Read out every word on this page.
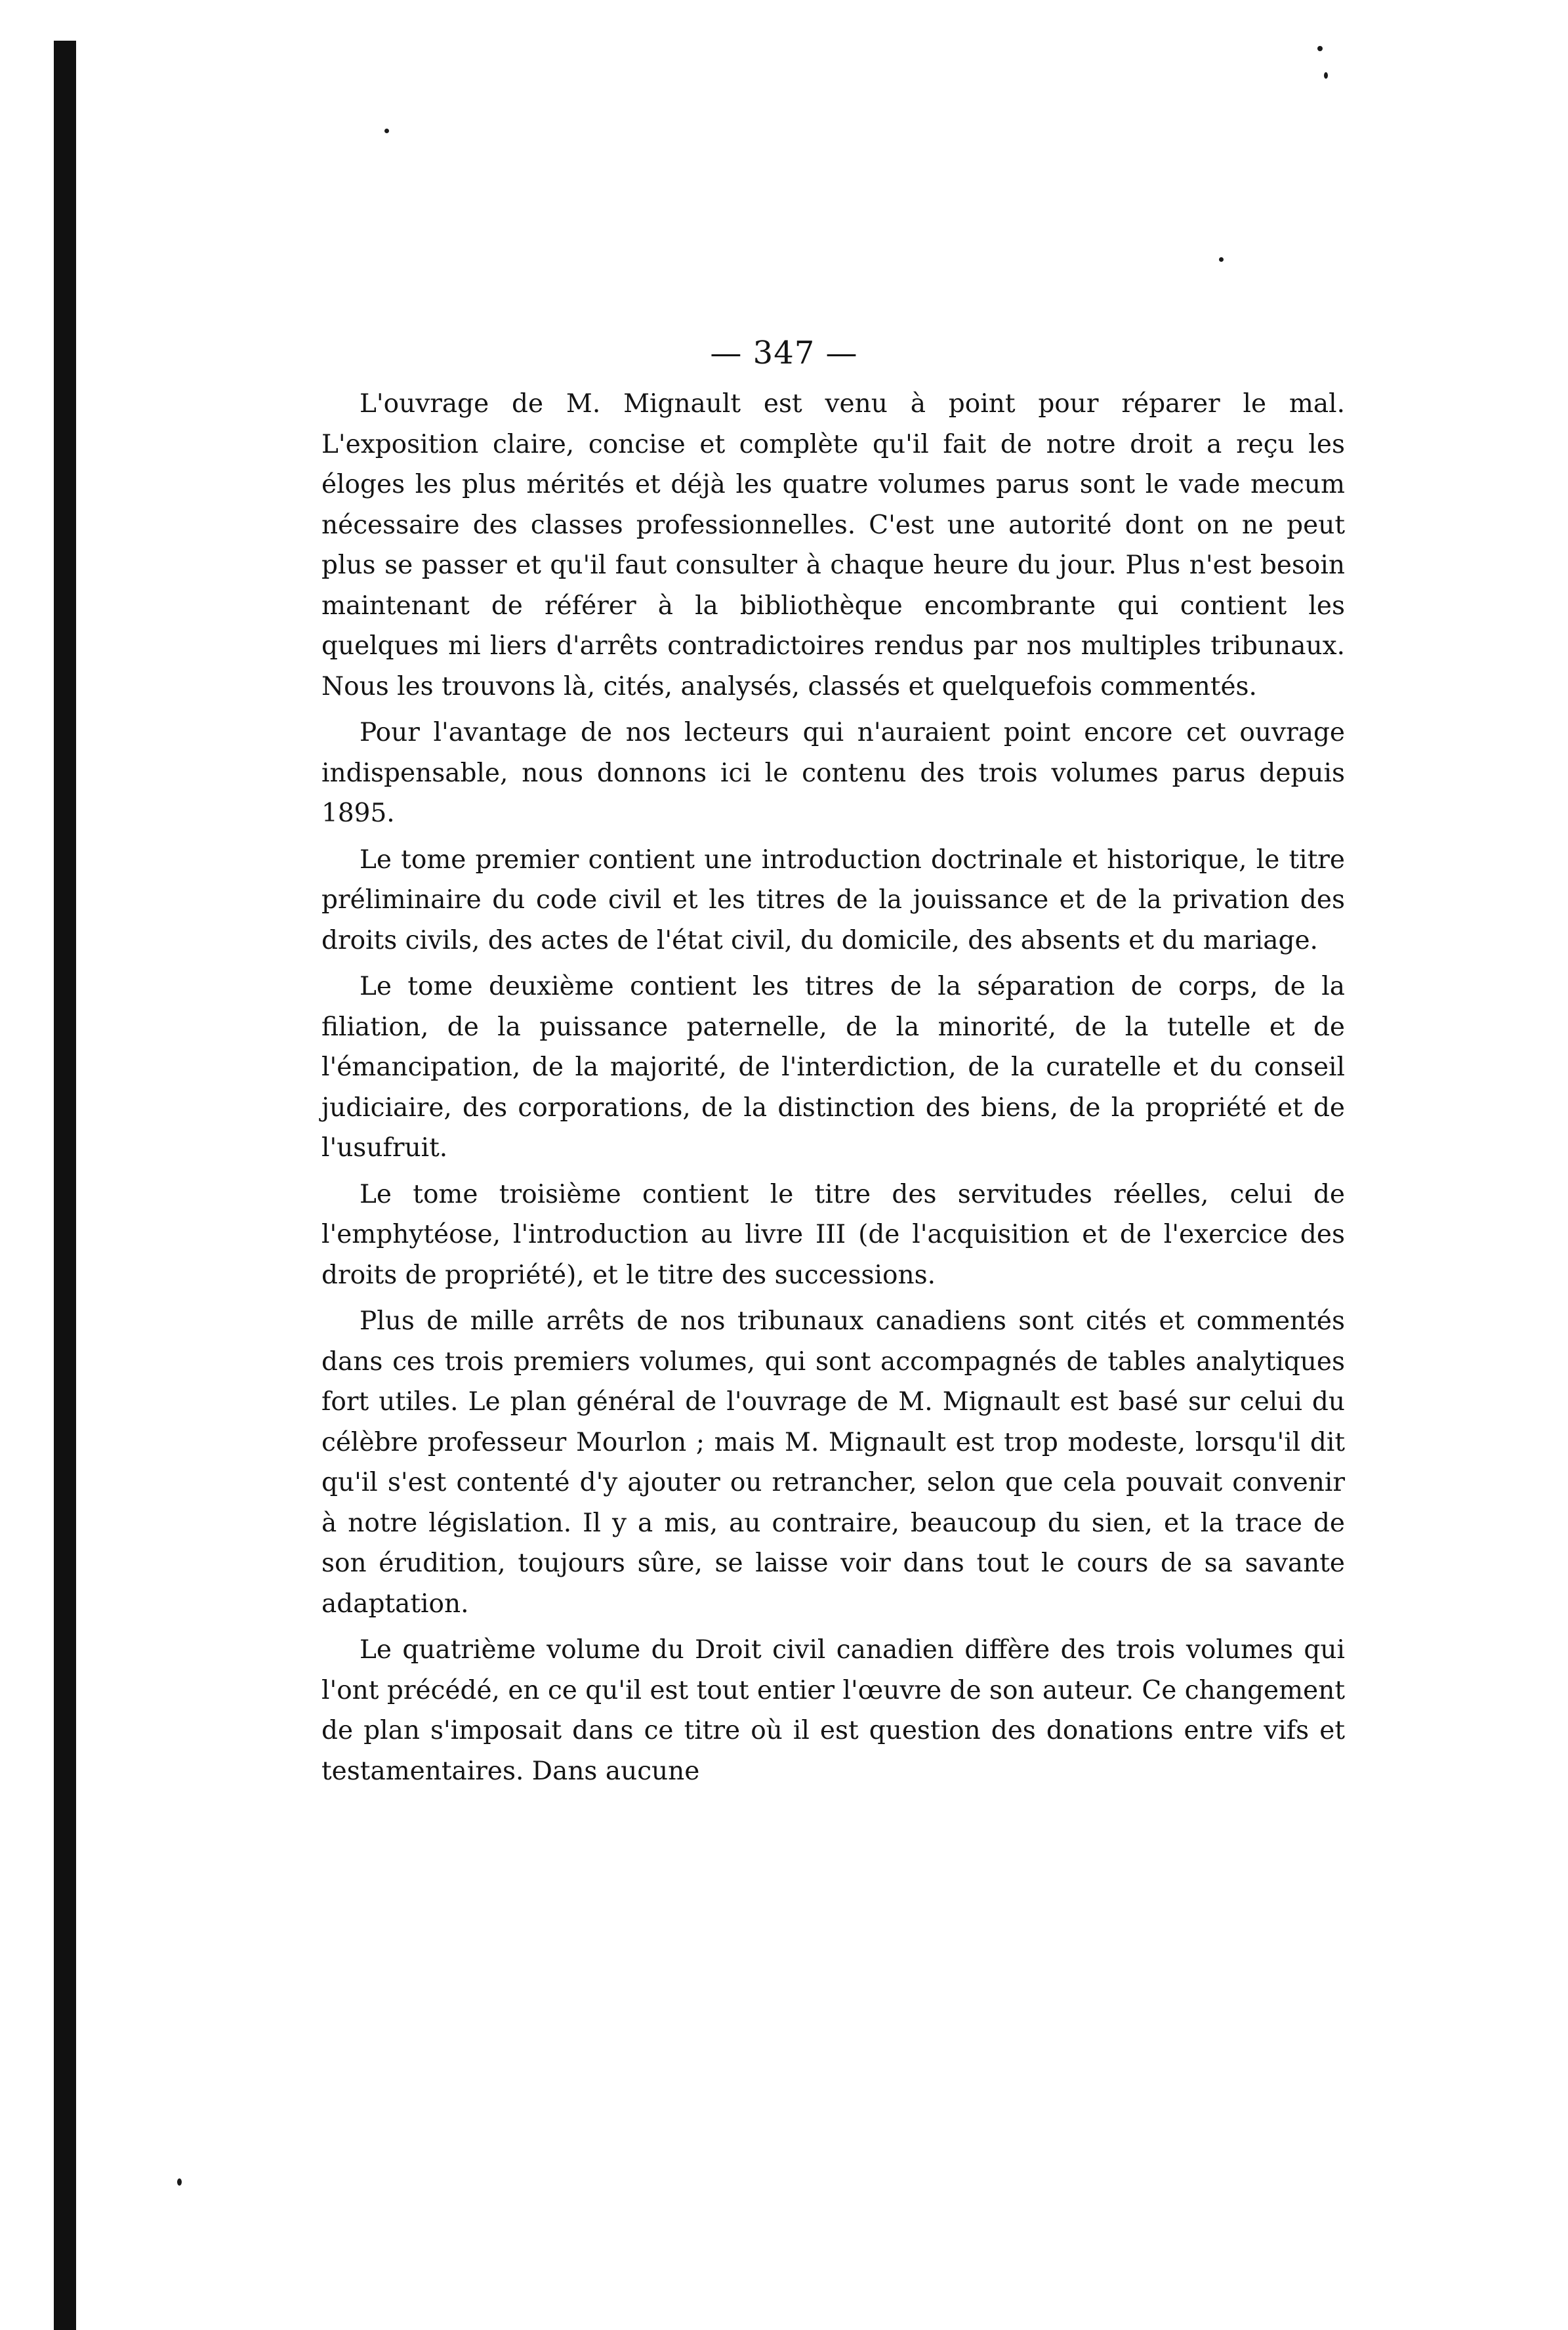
— 347 —

L'ouvrage de M. Mignault est venu à point pour réparer le mal. L'exposition claire, concise et complète qu'il fait de notre droit a reçu les éloges les plus mérités et déjà les quatre volumes parus sont le vade mecum nécessaire des classes professionnelles. C'est une autorité dont on ne peut plus se passer et qu'il faut consulter à chaque heure du jour. Plus n'est besoin maintenant de référer à la bibliothèque encombrante qui contient les quelques mi liers d'arrêts contradictoires rendus par nos multiples tribunaux. Nous les trouvons là, cités, analysés, classés et quelquefois commentés.

Pour l'avantage de nos lecteurs qui n'auraient point encore cet ouvrage indispensable, nous donnons ici le contenu des trois volumes parus depuis 1895.

Le tome premier contient une introduction doctrinale et historique, le titre préliminaire du code civil et les titres de la jouissance et de la privation des droits civils, des actes de l'état civil, du domicile, des absents et du mariage.

Le tome deuxième contient les titres de la séparation de corps, de la filiation, de la puissance paternelle, de la minorité, de la tutelle et de l'émancipation, de la majorité, de l'interdiction, de la curatelle et du conseil judiciaire, des corporations, de la distinction des biens, de la propriété et de l'usufruit.

Le tome troisième contient le titre des servitudes réelles, celui de l'emphytéose, l'introduction au livre III (de l'acquisition et de l'exercice des droits de propriété), et le titre des successions.

Plus de mille arrêts de nos tribunaux canadiens sont cités et commentés dans ces trois premiers volumes, qui sont accompagnés de tables analytiques fort utiles. Le plan général de l'ouvrage de M. Mignault est basé sur celui du célèbre professeur Mourlon ; mais M. Mignault est trop modeste, lorsqu'il dit qu'il s'est contenté d'y ajouter ou retrancher, selon que cela pouvait convenir à notre législation. Il y a mis, au contraire, beaucoup du sien, et la trace de son érudition, toujours sûre, se laisse voir dans tout le cours de sa savante adaptation.

Le quatrième volume du Droit civil canadien diffère des trois volumes qui l'ont précédé, en ce qu'il est tout entier l'œuvre de son auteur. Ce changement de plan s'imposait dans ce titre où il est question des donations entre vifs et testamentaires. Dans aucune
